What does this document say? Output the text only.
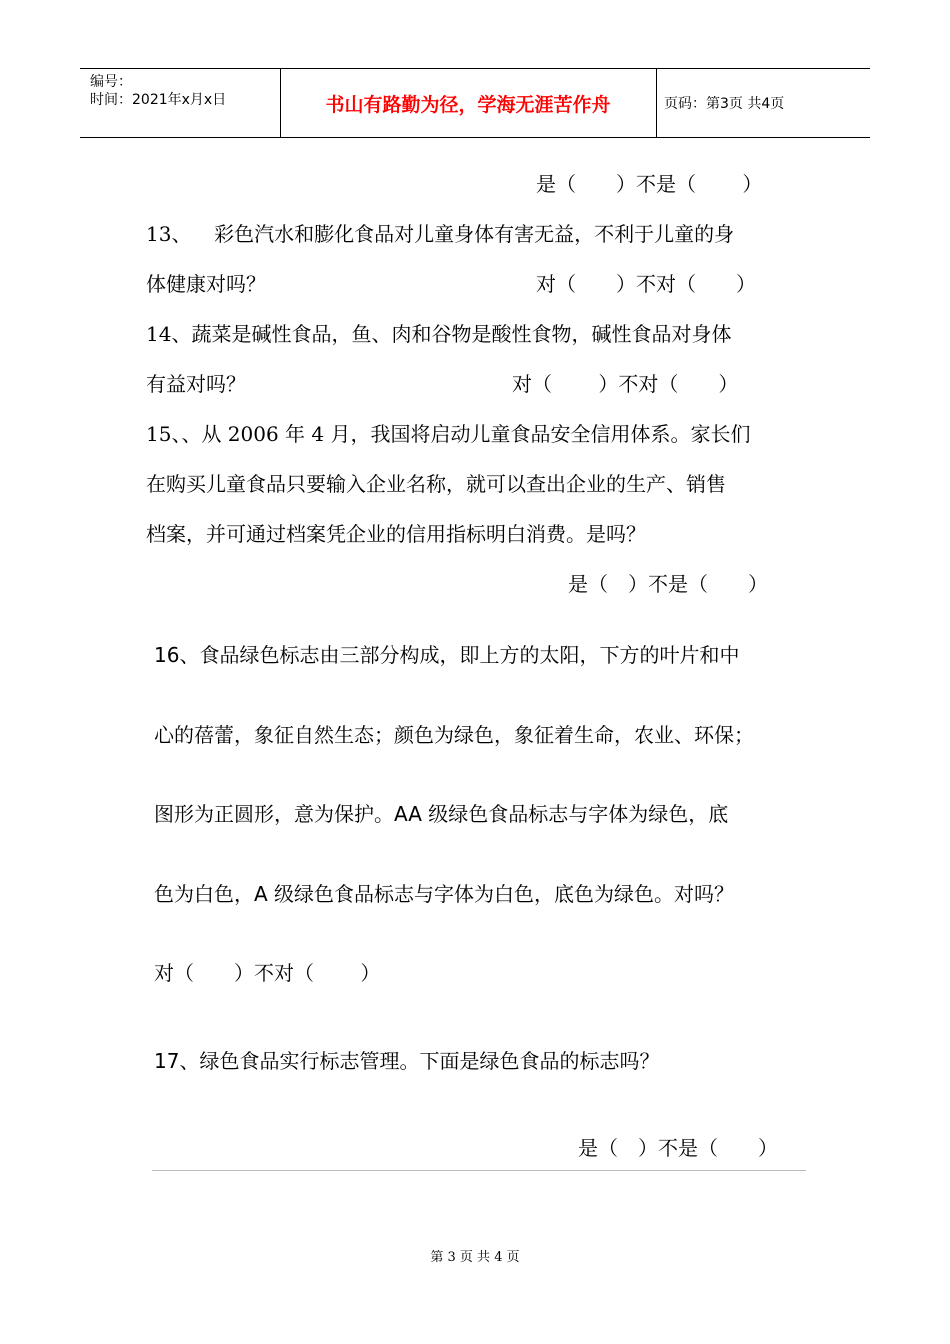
编号：
时间：2021年x月x日	书山有路勤为径，学海无涯苦作舟	页码：第3页 共4页
是（　　）不是（　　 ）
13、　  彩色汽水和膨化食品对儿童身体有害无益，不利于儿童的身
体健康对吗？	对（　　）不对（　　）
14、蔬菜是碱性食品，鱼、肉和谷物是酸性食物，碱性食品对身体
有益对吗？	对（　　 ）不对（　　）
15、、从 2006 年 4 月，我国将启动儿童食品安全信用体系。家长们
在购买儿童食品只要输入企业名称，就可以查出企业的生产、销售
档案，并可通过档案凭企业的信用指标明白消费。是吗？
是（　）不是（　　）
16、食品绿色标志由三部分构成，即上方的太阳，下方的叶片和中
心的蓓蕾，象征自然生态；颜色为绿色，象征着生命，农业、环保；
图形为正圆形，意为保护。AA 级绿色食品标志与字体为绿色，底
色为白色，A 级绿色食品标志与字体为白色，底色为绿色。对吗？
对（　　）不对（　　 ）
17、绿色食品实行标志管理。下面是绿色食品的标志吗？
是（　）不是（　　）
第 3 页 共 4 页
